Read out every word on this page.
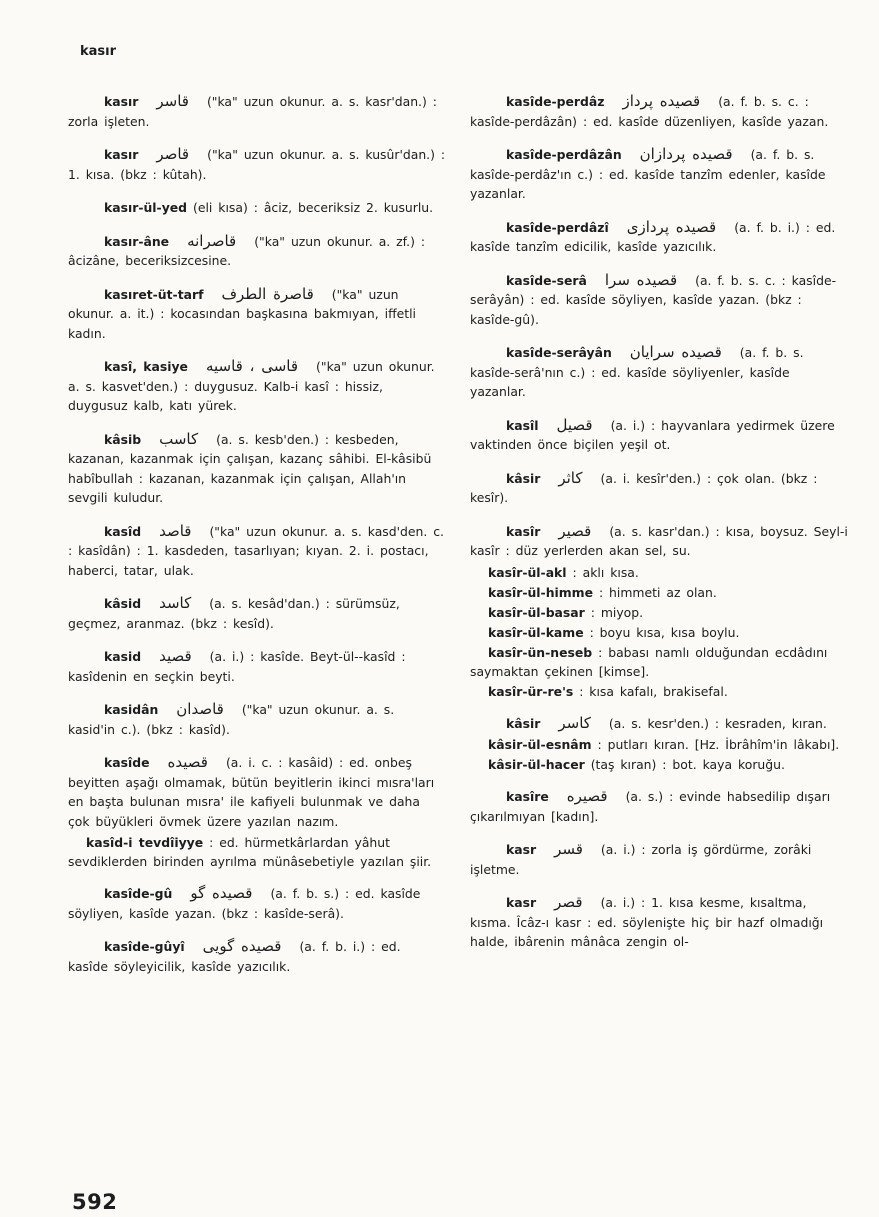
kasır

kasır قاسر ("ka" uzun okunur. a. s. kasr'dan.) : zorla işleten.

kasır قاصر ("ka" uzun okunur. a. s. kusûr'dan.) : 1. kısa. (bkz : kûtah).

kasır-ül-yed (eli kısa) : âciz, beceriksiz 2. kusurlu.

kasır-âne قاصرانه ("ka" uzun okunur. a. zf.) : âcizâne, beceriksizcesine.

kasıret-üt-tarf قاصرة الطرف ("ka" uzun okunur. a. it.) : kocasından başkasına bakmıyan, iffetli kadın.

kasî, kasiye قاسى ، قاسيه ("ka" uzun okunur. a. s. kasvet'den.) : duygusuz. Kalb-i kasî : hissiz, duygusuz kalb, katı yürek.

kâsib كاسب (a. s. kesb'den.) : kesbeden, kazanan, kazanmak için çalışan, kazanç sâhibi. El-kâsibü habîbullah : kazanan, kazanmak için çalışan, Allah'ın sevgili kuludur.

kasîd قاصد ("ka" uzun okunur. a. s. kasd'den. c. : kasîdân) : 1. kasdeden, tasarlıyan; kıyan. 2. i. postacı, haberci, tatar, ulak.

kâsid كاسد (a. s. kesâd'dan.) : sürümsüz, geçmez, aranmaz. (bkz : kesîd).

kasid قصيد (a. i.) : kasîde. Beyt-ül--kasîd : kasîdenin en seçkin beyti.

kasidân قاصدان ("ka" uzun okunur. a. s. kasid'in c.). (bkz : kasîd).

kasîde قصيده (a. i. c. : kasâid) : ed. onbeş beyitten aşağı olmamak, bütün beyitlerin ikinci mısra'ları en başta bulunan mısra' ile kafiyeli bulunmak ve daha çok büyükleri övmek üzere yazılan nazım.

kasîd-i tevdîiyye : ed. hürmetkârlardan yâhut sevdiklerden birinden ayrılma münâsebetiyle yazılan şiir.

kasîde-gû قصيده گو (a. f. b. s.) : ed. kasîde söyliyen, kasîde yazan. (bkz : kasîde-serâ).

kasîde-gûyî قصيده گويى (a. f. b. i.) : ed. kasîde söyleyicilik, kasîde yazıcılık.

kasîde-perdâz قصيده پرداز (a. f. b. s. c. : kasîde-perdâzân) : ed. kasîde düzenliyen, kasîde yazan.

kasîde-perdâzân قصيده پردازان (a. f. b. s. kasîde-perdâz'ın c.) : ed. kasîde tanzîm edenler, kasîde yazanlar.

kasîde-perdâzî قصيده پردازى (a. f. b. i.) : ed. kasîde tanzîm edicilik, kasîde yazıcılık.

kasîde-serâ قصيده سرا (a. f. b. s. c. : kasîde-serâyân) : ed. kasîde söyliyen, kasîde yazan. (bkz : kasîde-gû).

kasîde-serâyân قصيده سرايان (a. f. b. s. kasîde-serâ'nın c.) : ed. kasîde söyliyenler, kasîde yazanlar.

kasîl قصيل (a. i.) : hayvanlara yedirmek üzere vaktinden önce biçilen yeşil ot.

kâsir كاثر (a. i. kesîr'den.) : çok olan. (bkz : kesîr).

kasîr قصير (a. s. kasr'dan.) : kısa, boysuz. Seyl-i kasîr : düz yerlerden akan sel, su.

kasîr-ül-akl : aklı kısa.

kasîr-ül-himme : himmeti az olan.

kasîr-ül-basar : miyop.

kasîr-ül-kame : boyu kısa, kısa boylu.

kasîr-ün-neseb : babası namlı olduğundan ecdâdını saymaktan çekinen [kimse].

kasîr-ür-re's : kısa kafalı, brakisefal.

kâsir كاسر (a. s. kesr'den.) : kesraden, kıran.

kâsir-ül-esnâm : putları kıran. [Hz. İbrâhîm'in lâkabı].

kâsir-ül-hacer (taş kıran) : bot. kaya koruğu.

kasîre قصيره (a. s.) : evinde habsedilip dışarı çıkarılmıyan [kadın].

kasr قسر (a. i.) : zorla iş gördürme, zorâki işletme.

kasr قصر (a. i.) : 1. kısa kesme, kısaltma, kısma. Îcâz-ı kasr : ed. söylenişte hiç bir hazf olmadığı halde, ibârenin mânâca zengin ol-

592
